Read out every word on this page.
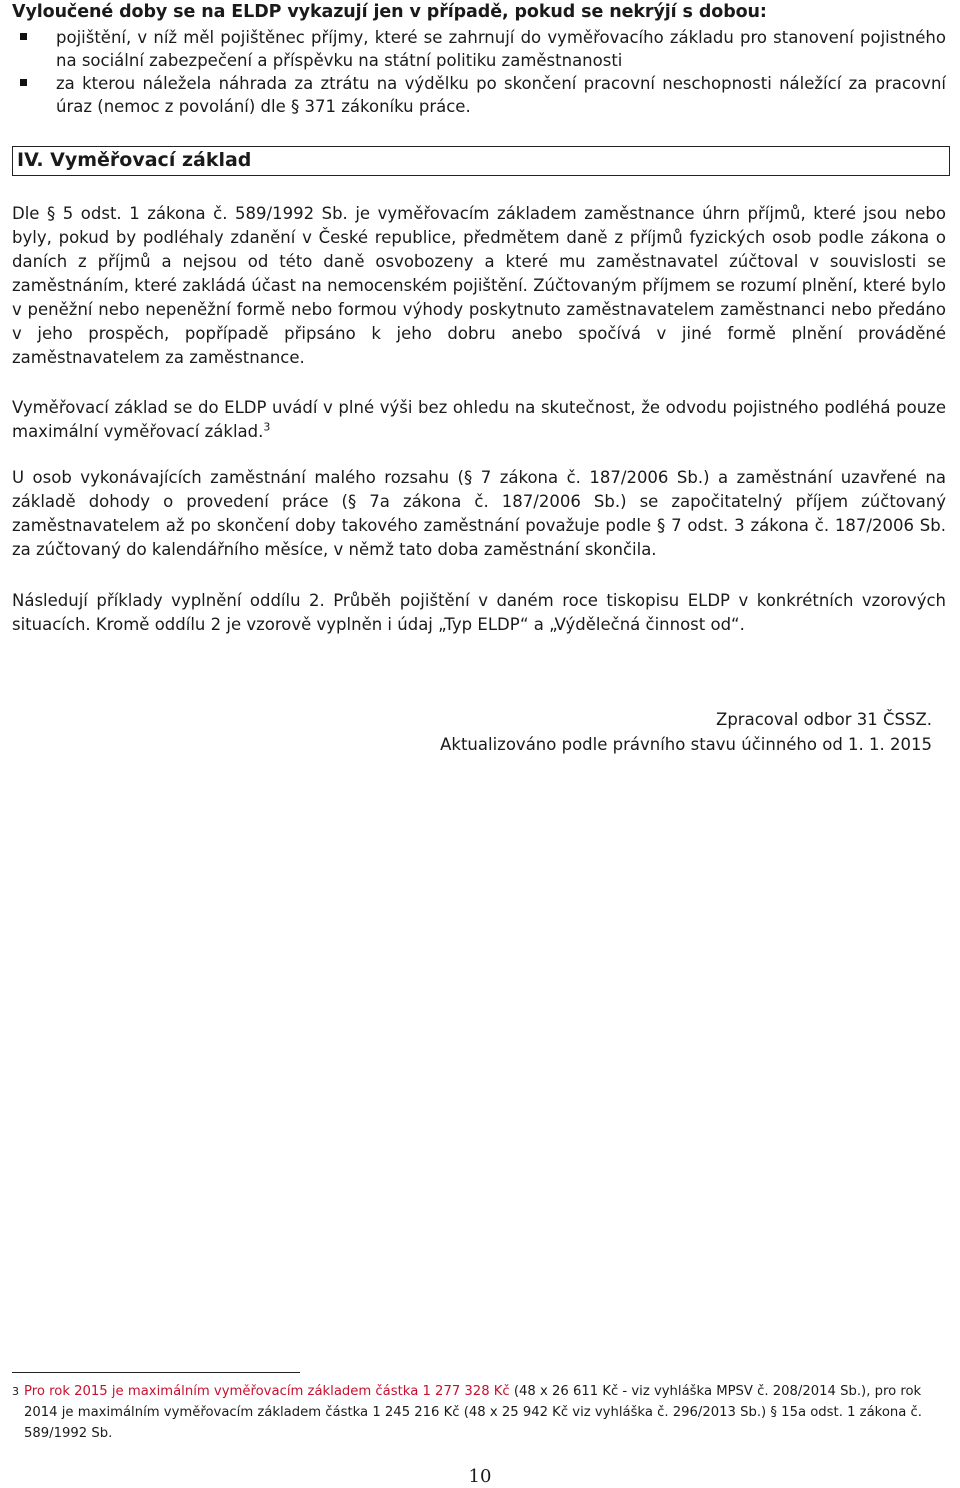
Vyloučené doby se na ELDP vykazují jen v případě, pokud se nekrýjí s dobou:
pojištění, v níž měl pojištěnec příjmy, které se zahrnují do vyměřovacího základu pro stanovení pojistného na sociální zabezpečení a příspěvku na státní politiku zaměstnanosti
za kterou náležela náhrada za ztrátu na výdělku po skončení pracovní neschopnosti náležící za pracovní úraz (nemoc z povolání) dle § 371 zákoníku práce.
IV. Vyměřovací základ

Dle § 5 odst. 1 zákona č. 589/1992 Sb. je vyměřovacím základem zaměstnance úhrn příjmů, které jsou nebo byly, pokud by podléhaly zdanění v České republice, předmětem daně z příjmů fyzických osob podle zákona o daních z příjmů a nejsou od této daně osvobozeny a které mu zaměstnavatel zúčtoval v souvislosti se zaměstnáním, které zakládá účast na nemocenském pojištění. Zúčtovaným příjmem se rozumí plnění, které bylo v peněžní nebo nepeněžní formě nebo formou výhody poskytnuto zaměstnavatelem zaměstnanci nebo předáno v jeho prospěch, popřípadě připsáno k jeho dobru anebo spočívá v jiné formě plnění prováděné zaměstnavatelem za zaměstnance.

Vyměřovací základ se do ELDP uvádí v plné výši bez ohledu na skutečnost, že odvodu pojistného podléhá pouze maximální vyměřovací základ.$^3$

U osob vykonávajících zaměstnání malého rozsahu (§ 7 zákona č. 187/2006 Sb.) a zaměstnání uzavřené na základě dohody o provedení práce (§ 7a zákona č. 187/2006 Sb.) se započitatelný příjem zúčtovaný zaměstnavatelem až po skončení doby takového zaměstnání považuje podle § 7 odst. 3 zákona č. 187/2006 Sb. za zúčtovaný do kalendářního měsíce, v němž tato doba zaměstnání skončila.

Následují příklady vyplnění oddílu 2. Průběh pojištění v daném roce tiskopisu ELDP v konkrétních vzorových situacích. Kromě oddílu 2 je vzorově vyplněn i údaj „Typ ELDP“ a „Výdělečná činnost od“.

Zpracoval odbor 31 ČSSZ.
Aktualizováno podle právního stavu účinného od 1. 1. 2015
3 Pro rok 2015 je maximálním vyměřovacím základem částka 1 277 328 Kč (48 x 26 611 Kč - viz vyhláška MPSV č. 208/2014 Sb.), pro rok 2014 je maximálním vyměřovacím základem částka 1 245 216 Kč (48 x 25 942 Kč viz vyhláška č. 296/2013 Sb.) § 15a odst. 1 zákona č. 589/1992 Sb.
10
